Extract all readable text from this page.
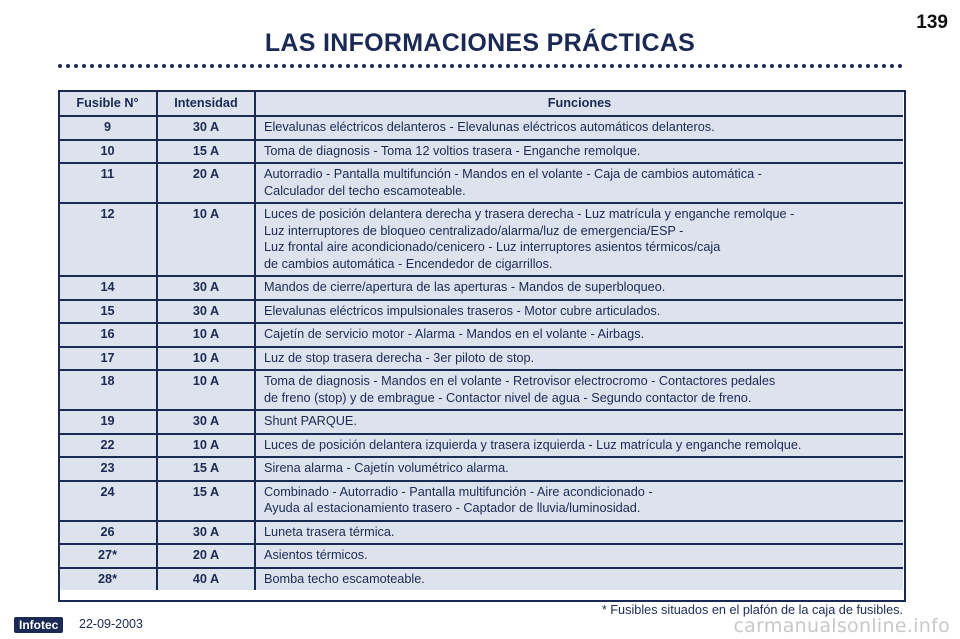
139
LAS INFORMACIONES PRÁCTICAS
Fusible N°	Intensidad	Funciones
9	30 A	Elevalunas eléctricos delanteros - Elevalunas eléctricos automáticos delanteros.

10	15 A	Toma de diagnosis - Toma 12 voltios trasera - Enganche remolque.

11	20 A	Autorradio - Pantalla multifunción - Mandos en el volante - Caja de cambios automática -
Calculador del techo escamoteable.

12	10 A	Luces de posición delantera derecha y trasera derecha - Luz matrícula y enganche remolque -
Luz interruptores de bloqueo centralizado/alarma/luz de emergencia/ESP -
Luz frontal aire acondicionado/cenicero - Luz interruptores asientos térmicos/caja
de cambios automática - Encendedor de cigarrillos.

14	30 A	Mandos de cierre/apertura de las aperturas - Mandos de superbloqueo.

15	30 A	Elevalunas eléctricos impulsionales traseros - Motor cubre articulados.

16	10 A	Cajetín de servicio motor - Alarma - Mandos en el volante - Airbags.

17	10 A	Luz de stop trasera derecha - 3er piloto de stop.

18	10 A	Toma de diagnosis - Mandos en el volante - Retrovisor electrocromo - Contactores pedales
de freno (stop) y de embrague - Contactor nivel de agua - Segundo contactor de freno.

19	30 A	Shunt PARQUE.

22	10 A	Luces de posición delantera izquierda y trasera izquierda - Luz matrícula y enganche remolque.

23	15 A	Sirena alarma - Cajetín volumétrico alarma.

24	15 A	Combinado - Autorradio - Pantalla multifunción - Aire acondicionado -
Ayuda al estacionamiento trasero - Captador de lluvia/luminosidad.

26	30 A	Luneta trasera térmica.

27*	20 A	Asientos térmicos.

28*	40 A	Bomba techo escamoteable.
* Fusibles situados en el plafón de la caja de fusibles.
Infotec	22-09-2003	carmanualsonline.info
